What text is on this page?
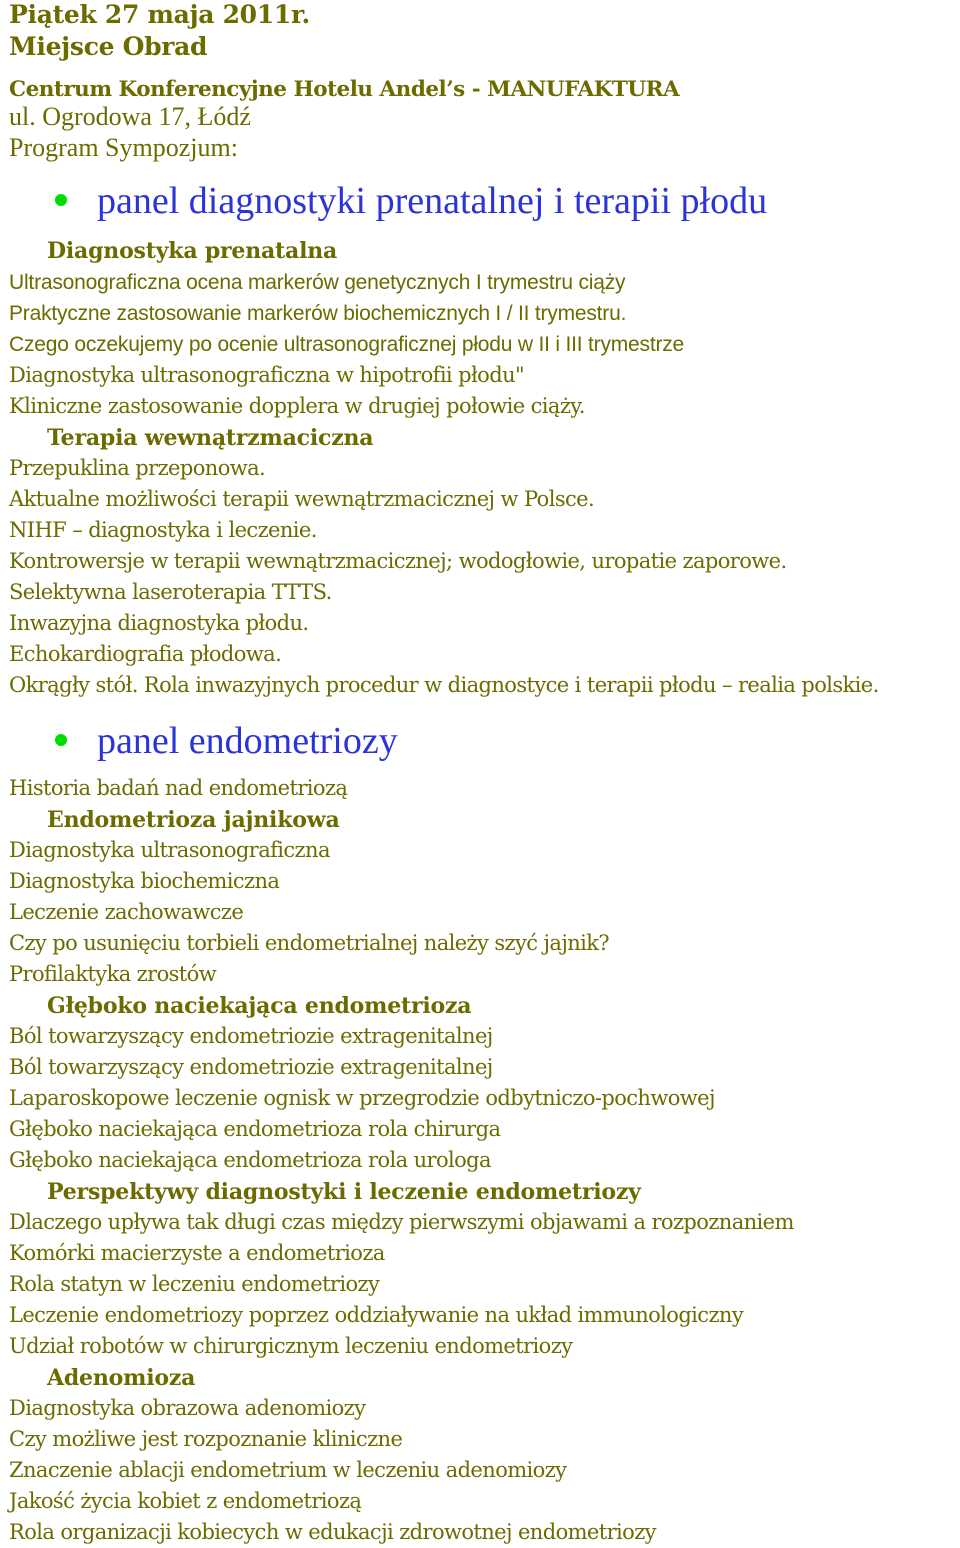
Piątek 27 maja 2011r.
Miejsce Obrad
Centrum Konferencyjne Hotelu Andel’s - MANUFAKTURA
ul. Ogrodowa 17, Łódź
Program Sympozjum:
panel diagnostyki prenatalnej i terapii płodu
Diagnostyka prenatalna
Ultrasonograficzna ocena markerów genetycznych I trymestru ciąży
Praktyczne zastosowanie markerów biochemicznych I / II trymestru.
Czego oczekujemy po ocenie ultrasonograficznej płodu w II i III trymestrze
Diagnostyka ultrasonograficzna w hipotrofii płodu"
Kliniczne zastosowanie dopplera w drugiej połowie ciąży.
Terapia wewnątrzmaciczna
Przepuklina przeponowa.
Aktualne możliwości terapii wewnątrzmacicznej w Polsce.
NIHF – diagnostyka i leczenie.
Kontrowersje w terapii wewnątrzmacicznej; wodogłowie, uropatie zaporowe.
Selektywna laseroterapia TTTS.
Inwazyjna diagnostyka płodu.
Echokardiografia płodowa.
Okrągły stół. Rola inwazyjnych procedur w diagnostyce i terapii płodu – realia polskie.
panel endometriozy
Historia badań nad endometriozą
Endometrioza jajnikowa
Diagnostyka ultrasonograficzna
Diagnostyka biochemiczna
Leczenie zachowawcze
Czy po usunięciu torbieli endometrialnej należy szyć jajnik?
Profilaktyka zrostów
Głęboko naciekająca endometrioza
Ból towarzyszący endometriozie extragenitalnej
Ból towarzyszący endometriozie extragenitalnej
Laparoskopowe leczenie ognisk w przegrodzie odbytniczo-pochwowej
Głęboko naciekająca endometrioza rola chirurga
Głęboko naciekająca endometrioza rola urologa
Perspektywy diagnostyki i leczenie endometriozy
Dlaczego upływa tak długi czas między pierwszymi objawami a rozpoznaniem
Komórki macierzyste a endometrioza
Rola statyn w leczeniu endometriozy
Leczenie endometriozy poprzez oddziaływanie na układ immunologiczny
Udział robotów w chirurgicznym leczeniu endometriozy
Adenomioza
Diagnostyka obrazowa adenomiozy
Czy możliwe jest rozpoznanie kliniczne
Znaczenie ablacji endometrium w leczeniu adenomiozy
Jakość życia kobiet z endometriozą
Rola organizacji kobiecych w edukacji zdrowotnej endometriozy
